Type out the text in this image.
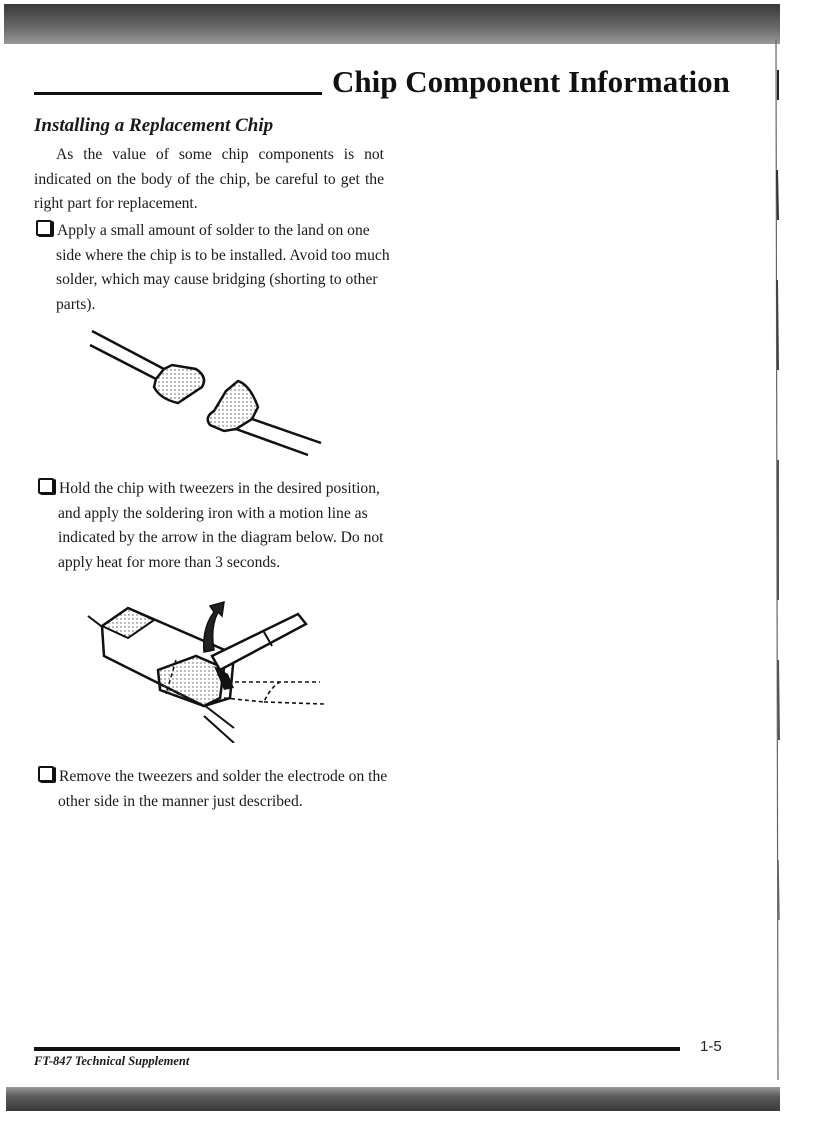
Chip Component Information
Installing a Replacement Chip

As the value of some chip components is not indicated on the body of the chip, be careful to get the right part for replacement.

Apply a small amount of solder to the land on one side where the chip is to be installed. Avoid too much solder, which may cause bridging (shorting to other parts).
Hold the chip with tweezers in the desired position, and apply the soldering iron with a motion line as indicated by the arrow in the diagram below. Do not apply heat for more than 3 seconds.
Remove the tweezers and solder the electrode on the other side in the manner just described.

1-5

FT-847 Technical Supplement
